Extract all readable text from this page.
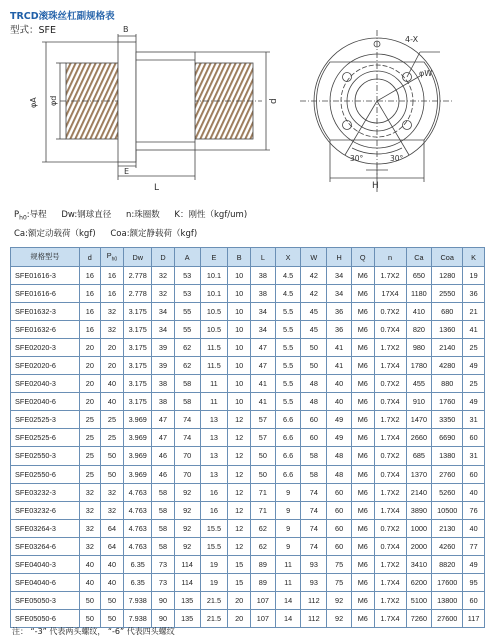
TRCD滚珠丝杠副规格表
型式：SFE
φA φd	d
L
B
E
4-X
φW
30°	30°
H
$P_{h0}$:导程 Dw:钢球直径 n:珠圈数 K：刚性（kgf/um)
Ca:额定动载荷（kgf) Coa:额定静载荷（kgf)
规格型号	d	$P_{h0}$	Dw	D	A	E	B	L	X	W	H	Q	n	Ca	Coa	K
SFE01616-3	16	16	2.778	32	53	10.1	10	38	4.5	42	34	M6	1.7X2	650	1280	19
SFE01616-6	16	16	2.778	32	53	10.1	10	38	4.5	42	34	M6	17X4	1180	2550	36
SFE01632-3	16	32	3.175	34	55	10.5	10	34	5.5	45	36	M6	0.7X2	410	680	21
SFE01632-6	16	32	3.175	34	55	10.5	10	34	5.5	45	36	M6	0.7X4	820	1360	41
SFE02020-3	20	20	3.175	39	62	11.5	10	47	5.5	50	41	M6	1.7X2	980	2140	25
SFE02020-6	20	20	3.175	39	62	11.5	10	47	5.5	50	41	M6	1.7X4	1780	4280	49
SFE02040-3	20	40	3.175	38	58	11	10	41	5.5	48	40	M6	0.7X2	455	880	25
SFE02040-6	20	40	3.175	38	58	11	10	41	5.5	48	40	M6	0.7X4	910	1760	49
SFE02525-3	25	25	3.969	47	74	13	12	57	6.6	60	49	M6	1.7X2	1470	3350	31
SFE02525-6	25	25	3.969	47	74	13	12	57	6.6	60	49	M6	1.7X4	2660	6690	60
SFE02550-3	25	50	3.969	46	70	13	12	50	6.6	58	48	M6	0.7X2	685	1380	31
SFE02550-6	25	50	3.969	46	70	13	12	50	6.6	58	48	M6	0.7X4	1370	2760	60
SFE03232-3	32	32	4.763	58	92	16	12	71	9	74	60	M6	1.7X2	2140	5260	40
SFE03232-6	32	32	4.763	58	92	16	12	71	9	74	60	M6	1.7X4	3890	10500	76
SFE03264-3	32	64	4.763	58	92	15.5	12	62	9	74	60	M6	0.7X2	1000	2130	40
SFE03264-6	32	64	4.763	58	92	15.5	12	62	9	74	60	M6	0.7X4	2000	4260	77
SFE04040-3	40	40	6.35	73	114	19	15	89	11	93	75	M6	1.7X2	3410	8820	49
SFE04040-6	40	40	6.35	73	114	19	15	89	11	93	75	M6	1.7X4	6200	17600	95
SFE05050-3	50	50	7.938	90	135	21.5	20	107	14	112	92	M6	1.7X2	5100	13800	60
SFE05050-6	50	50	7.938	90	135	21.5	20	107	14	112	92	M6	1.7X4	7260	27600	117
注： “-3” 代表两头螺纹， “-6” 代表四头螺纹
